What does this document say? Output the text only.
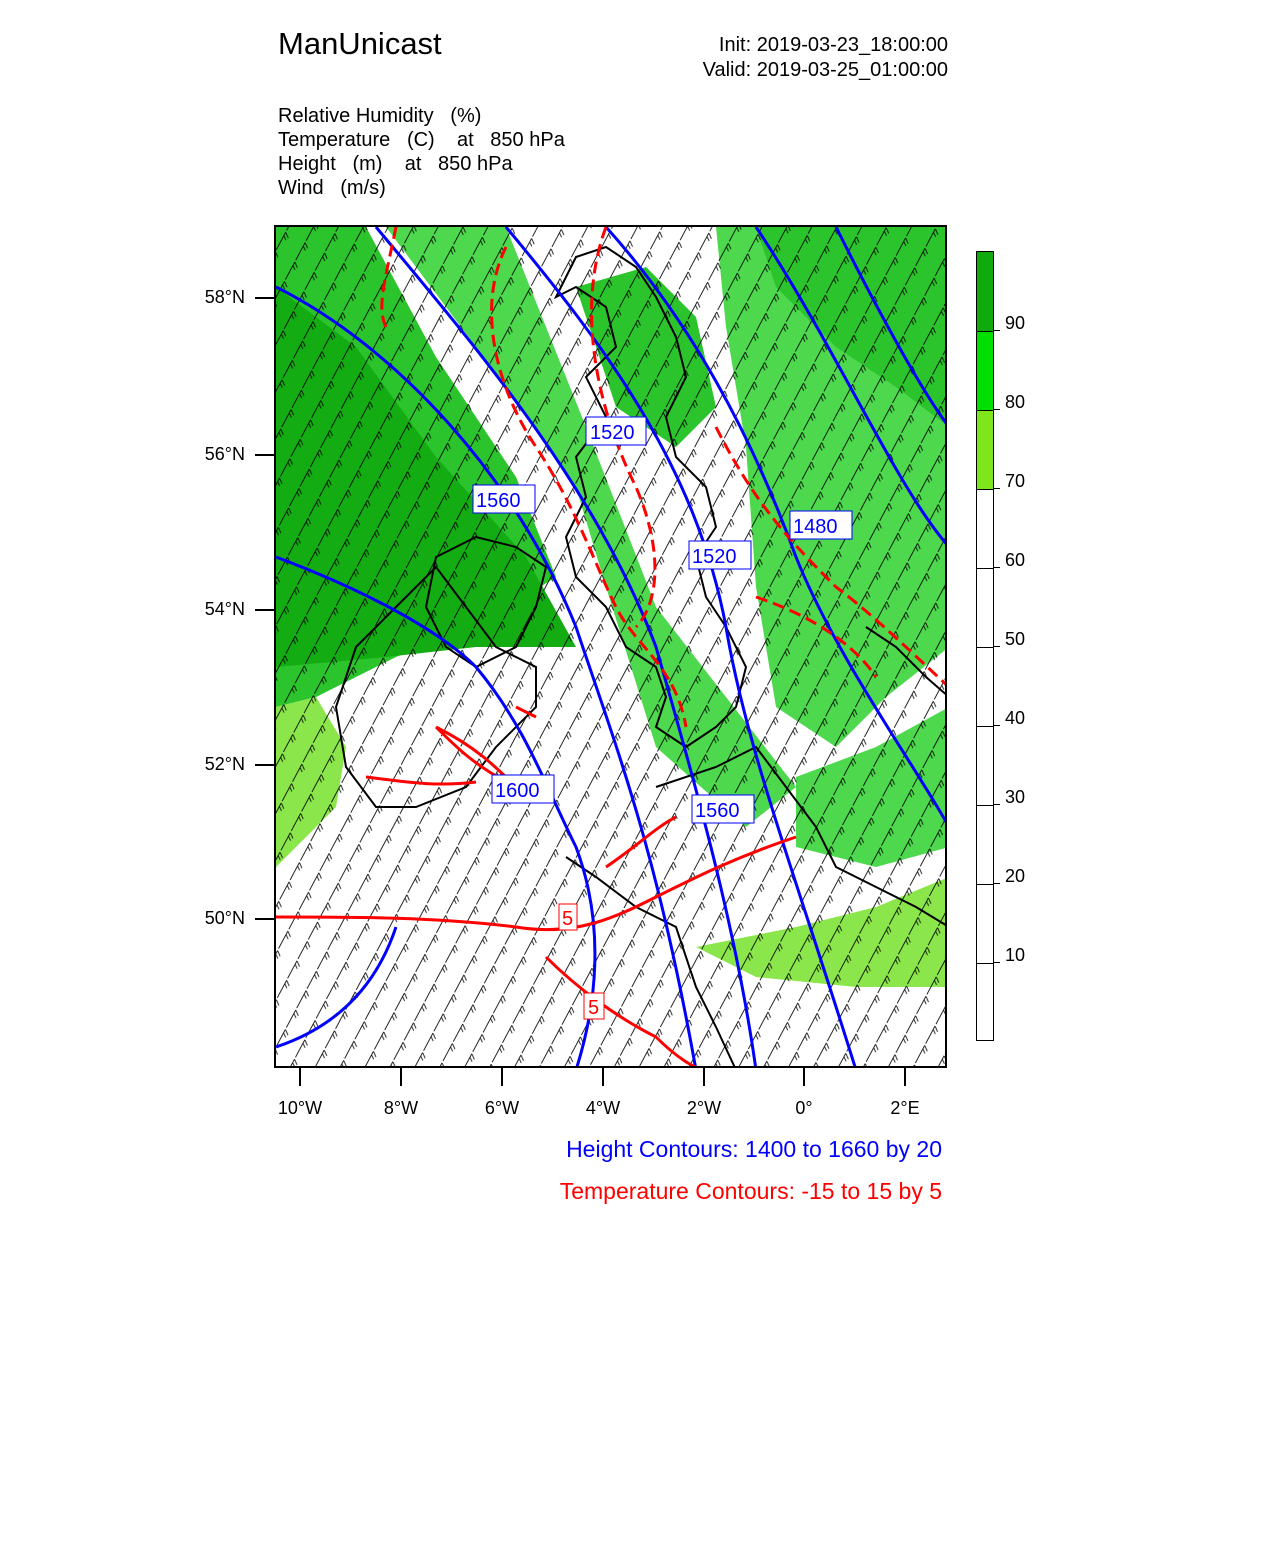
ManUnicast	Init: 2019-03-23_18:00:00
Valid: 2019-03-25_01:00:00
Relative Humidity (%)
Temperature (C) at   850 hPa
Height (m) at   850 hPa
Wind (m/s)
1520
1560
1480
1520
1600
1560
5
5
58°N
56°N
54°N
52°N
50°N
10°W	8°W	6°W	4°W	2°W	0°	2°E
90
80
70
60
50
40
30
20
10
Height Contours: 1400 to 1660 by 20
Temperature Contours: -15 to 15 by 5
